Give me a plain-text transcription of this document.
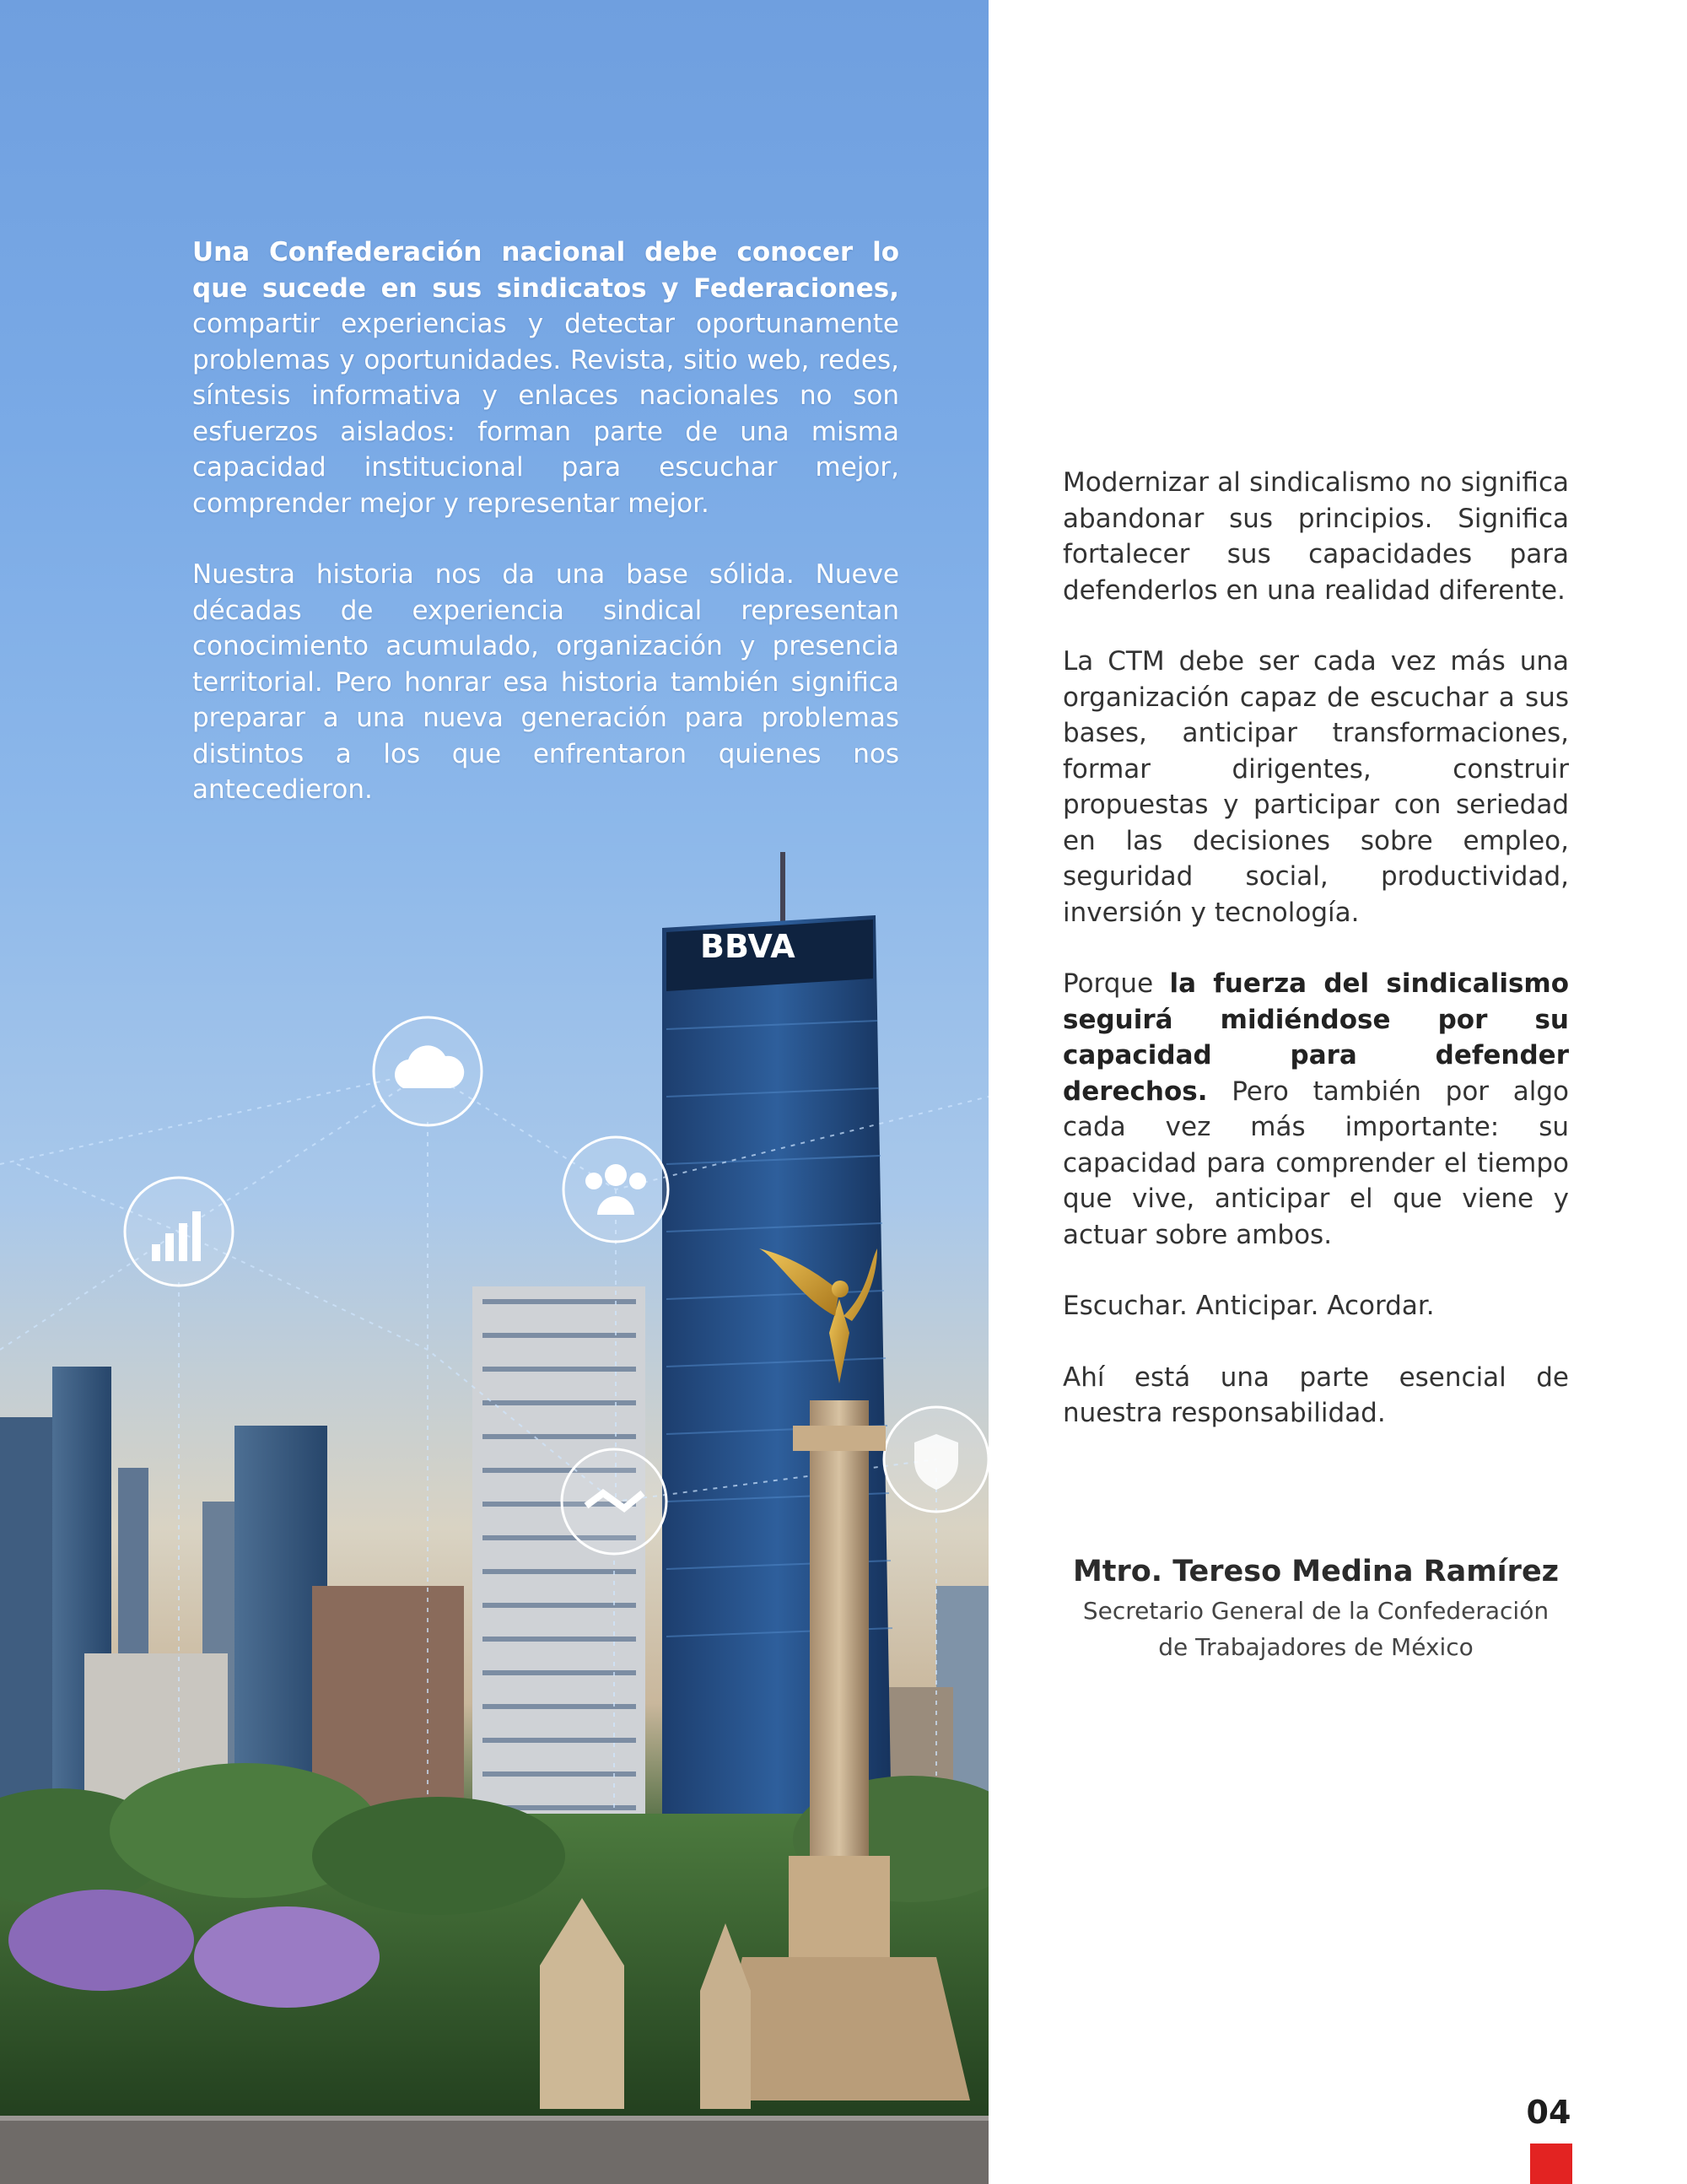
BBVA

Una Confederación nacional debe conocer lo que sucede en sus sindicatos y Federaciones, compartir experiencias y detectar oportunamente problemas y oportunidades. Revista, sitio web, redes, síntesis informativa y enlaces nacionales no son esfuerzos aislados: forman parte de una misma capacidad institucional para escuchar mejor, comprender mejor y representar mejor.

Nuestra historia nos da una base sólida. Nueve décadas de experiencia sindical representan conocimiento acumulado, organización y presencia territorial. Pero honrar esa historia también significa preparar a una nueva generación para problemas distintos a los que enfrentaron quienes nos antecedieron.

Modernizar al sindicalismo no significa abandonar sus principios. Significa fortalecer sus capacidades para defenderlos en una realidad diferente.

La CTM debe ser cada vez más una organización capaz de escuchar a sus bases, anticipar transformaciones, formar dirigentes, construir propuestas y participar con seriedad en las decisiones sobre empleo, seguridad social, productividad, inversión y tecnología.

Porque la fuerza del sindicalismo seguirá midiéndose por su capacidad para defender derechos. Pero también por algo cada vez más importante: su capacidad para comprender el tiempo que vive, anticipar el que viene y actuar sobre ambos.

Escuchar. Anticipar. Acordar.

Ahí está una parte esencial de nuestra responsabilidad.

Mtro. Tereso Medina Ramírez
Secretario General de la Confederación
de Trabajadores de México
04
